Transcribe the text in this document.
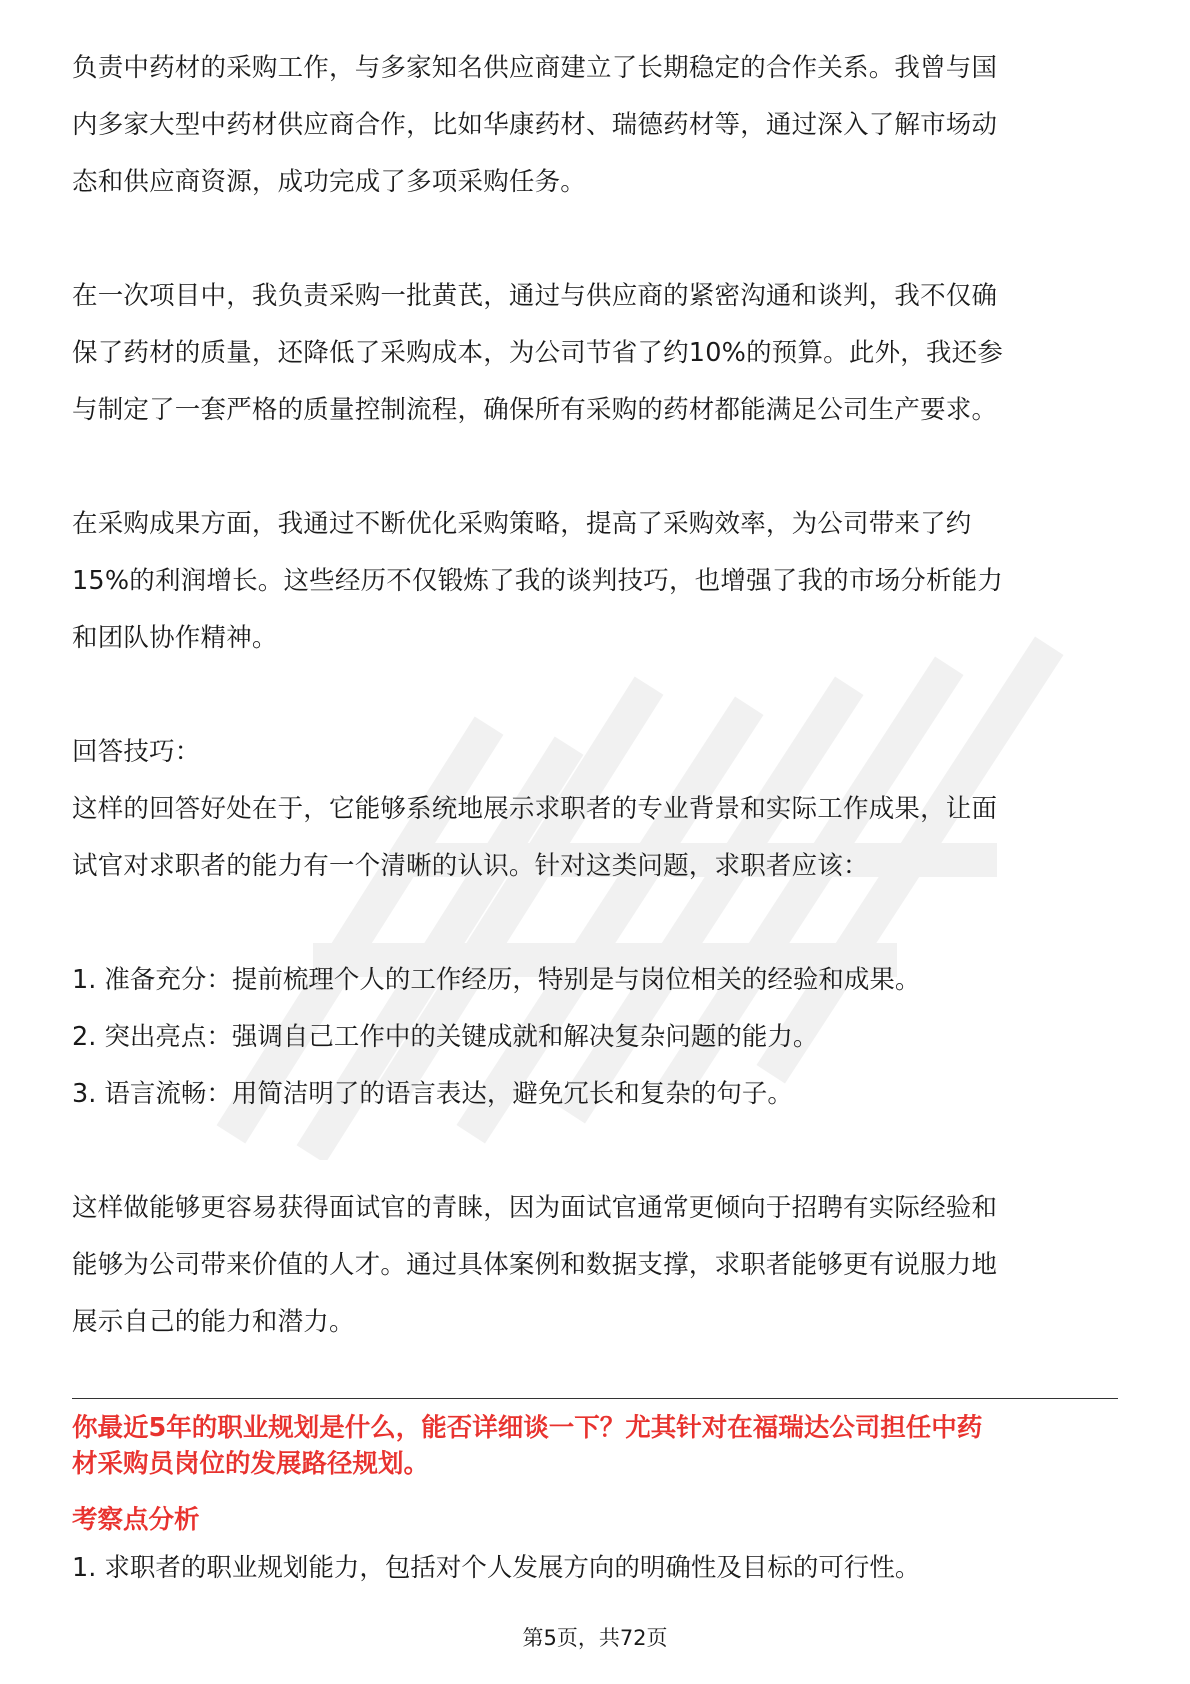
负责中药材的采购工作，与多家知名供应商建立了长期稳定的合作关系。我曾与国
内多家大型中药材供应商合作，比如华康药材、瑞德药材等，通过深入了解市场动
态和供应商资源，成功完成了多项采购任务。

在一次项目中，我负责采购一批黄芪，通过与供应商的紧密沟通和谈判，我不仅确
保了药材的质量，还降低了采购成本，为公司节省了约10%的预算。此外，我还参
与制定了一套严格的质量控制流程，确保所有采购的药材都能满足公司生产要求。

在采购成果方面，我通过不断优化采购策略，提高了采购效率，为公司带来了约
15%的利润增长。这些经历不仅锻炼了我的谈判技巧，也增强了我的市场分析能力
和团队协作精神。

回答技巧：

这样的回答好处在于，它能够系统地展示求职者的专业背景和实际工作成果，让面
试官对求职者的能力有一个清晰的认识。针对这类问题，求职者应该：

1. 准备充分：提前梳理个人的工作经历，特别是与岗位相关的经验和成果。

2. 突出亮点：强调自己工作中的关键成就和解决复杂问题的能力。

3. 语言流畅：用简洁明了的语言表达，避免冗长和复杂的句子。

这样做能够更容易获得面试官的青睐，因为面试官通常更倾向于招聘有实际经验和
能够为公司带来价值的人才。通过具体案例和数据支撑，求职者能够更有说服力地
展示自己的能力和潜力。

你最近5年的职业规划是什么，能否详细谈一下？尤其针对在福瑞达公司担任中药
材采购员岗位的发展路径规划。

考察点分析

1. 求职者的职业规划能力，包括对个人发展方向的明确性及目标的可行性。

第5页，共72页
